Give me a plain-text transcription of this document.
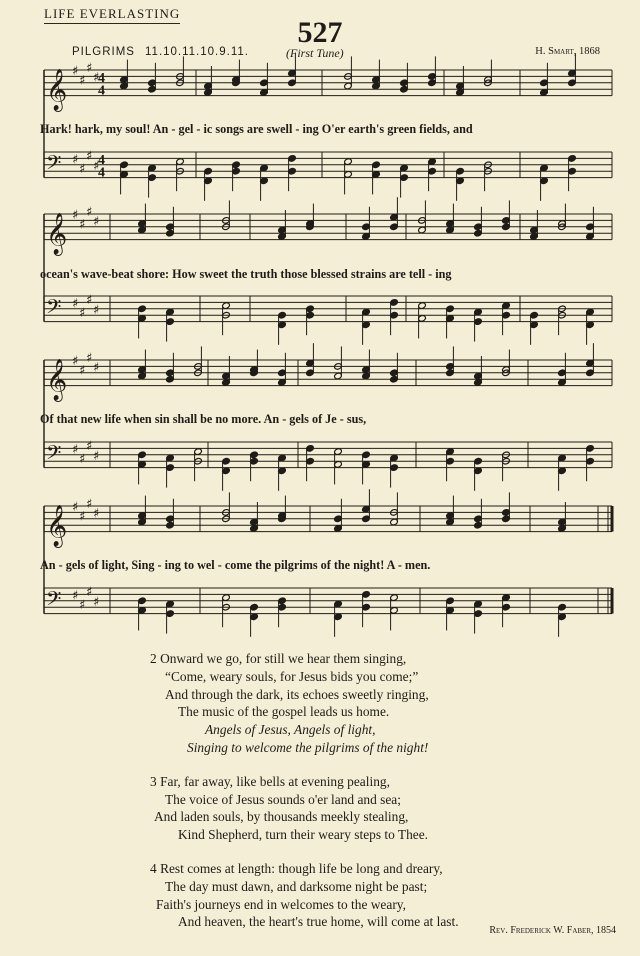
LIFE EVERLASTING
527
PILGRIMS 11.10.11.10.9.11.	(First Tune)	H. Smart, 1868
4
4
4
4
𝄞 ♯
♯
♯
♯
𝄢 ♯
♯
♯
♯
𝄞 ♯
♯
♯
♯
𝄢 ♯
♯
♯
♯
𝄞 ♯
♯
♯
♯
𝄢 ♯
♯
♯
♯
𝄞 ♯
♯
♯
♯
𝄢 ♯
♯
♯
♯
Hark! hark, my soul! An - gel - ic songs are swell - ing O'er earth's green fields, and
ocean's wave-beat shore: How sweet the truth those blessed strains are tell - ing
Of that new life when sin shall be no more. An - gels of Je - sus,
An - gels of light, Sing - ing to wel - come the pilgrims of the night! A - men.
2 Onward we go, for still we hear them singing,
“Come, weary souls, for Jesus bids you come;”
And through the dark, its echoes sweetly ringing,
The music of the gospel leads us home.
Angels of Jesus, Angels of light,
Singing to welcome the pilgrims of the night!
3 Far, far away, like bells at evening pealing,
The voice of Jesus sounds o'er land and sea;
And laden souls, by thousands meekly stealing,
Kind Shepherd, turn their weary steps to Thee.
4 Rest comes at length: though life be long and dreary,
The day must dawn, and darksome night be past;
Faith's journeys end in welcomes to the weary,
And heaven, the heart's true home, will come at last.
Rev. Frederick W. Faber, 1854
